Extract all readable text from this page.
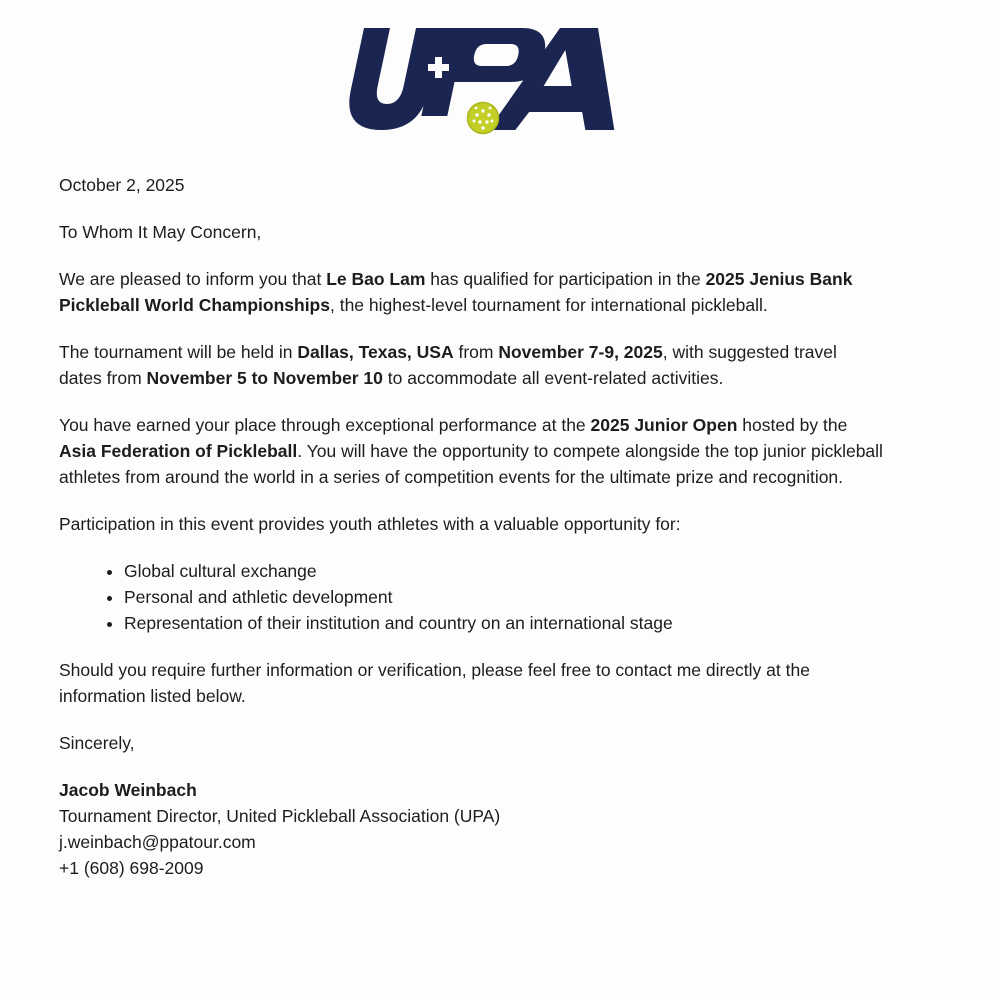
October 2, 2025

To Whom It May Concern,

We are pleased to inform you that Le Bao Lam has qualified for participation in the 2025 Jenius Bank Pickleball World Championships, the highest-level tournament for international pickleball.

The tournament will be held in Dallas, Texas, USA from November 7-9, 2025, with suggested travel dates from November 5 to November 10 to accommodate all event-related activities.

You have earned your place through exceptional performance at the 2025 Junior Open hosted by the Asia Federation of Pickleball. You will have the opportunity to compete alongside the top junior pickleball athletes from around the world in a series of competition events for the ultimate prize and recognition.

Participation in this event provides youth athletes with a valuable opportunity for:

• Global cultural exchange
• Personal and athletic development
• Representation of their institution and country on an international stage

Should you require further information or verification, please feel free to contact me directly at the information listed below.

Sincerely,

Jacob Weinbach

Tournament Director, United Pickleball Association (UPA)

j.weinbach@ppatour.com

+1 (608) 698-2009
